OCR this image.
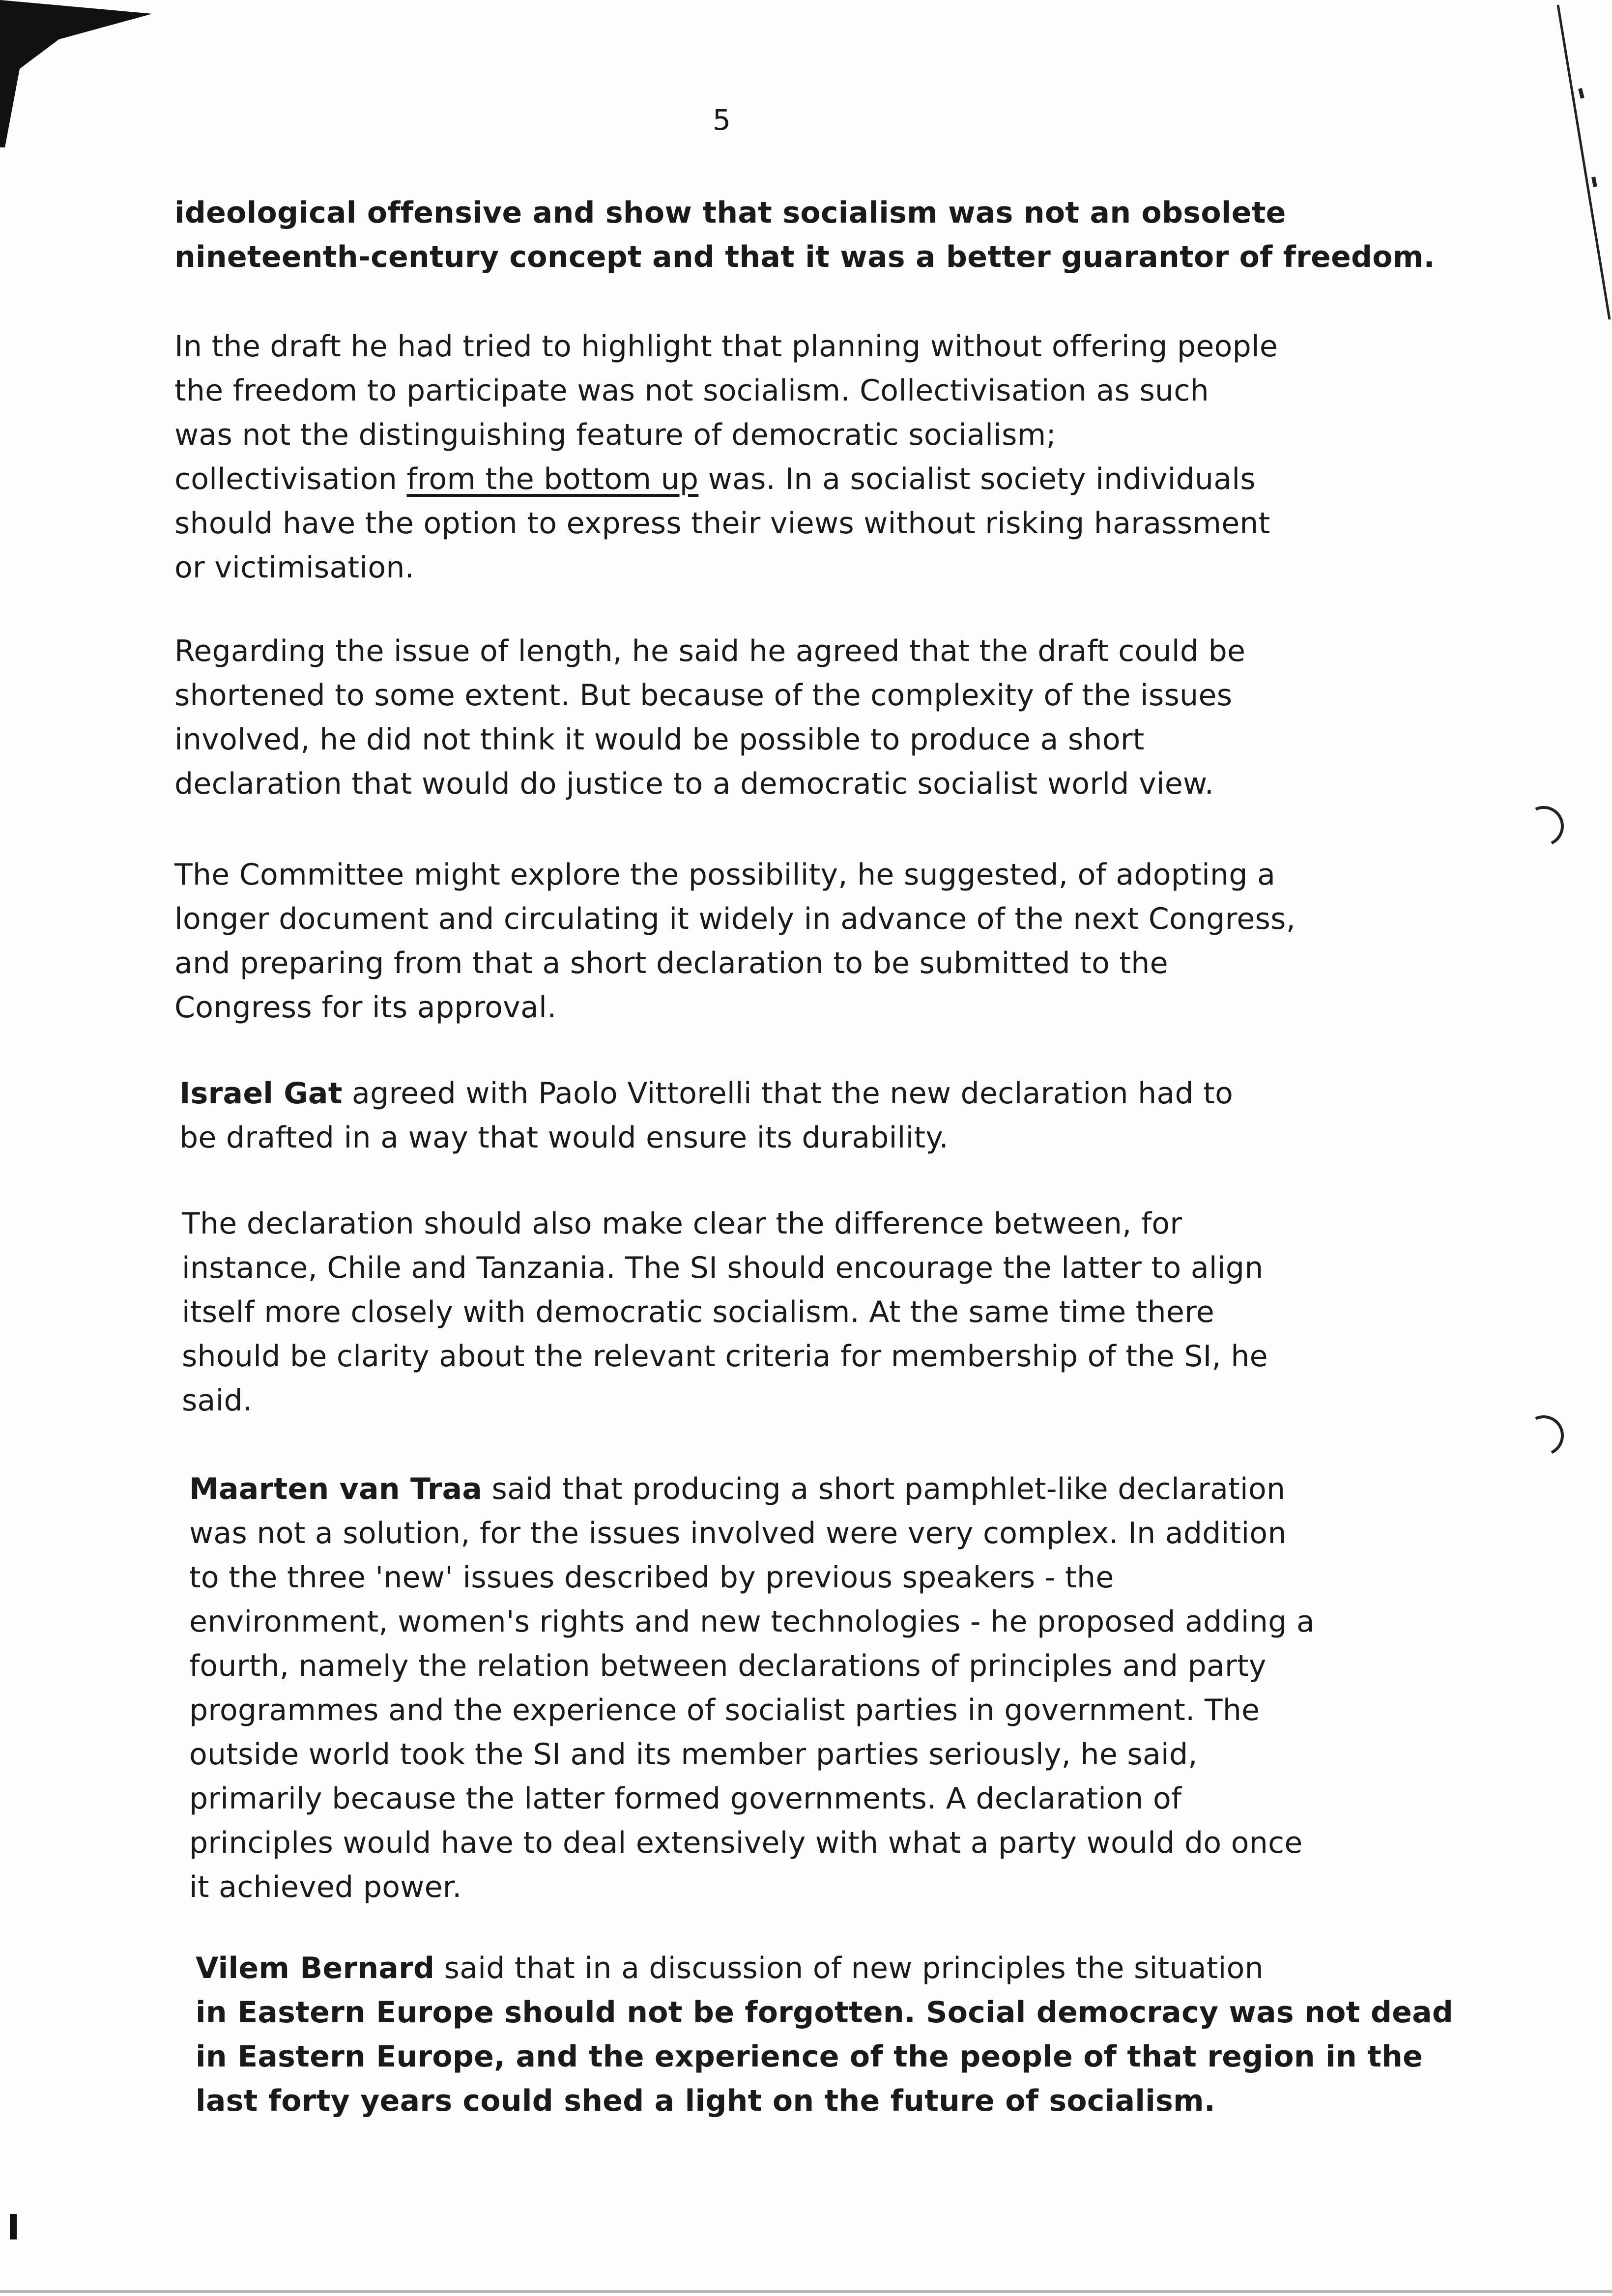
5
ideological offensive and show that socialism was not an obsolete
nineteenth-century concept and that it was a better guarantor of freedom.
In the draft he had tried to highlight that planning without offering people
the freedom to participate was not socialism. Collectivisation as such
was not the distinguishing feature of democratic socialism;
collectivisation from the bottom up was. In a socialist society individuals
should have the option to express their views without risking harassment
or victimisation.
Regarding the issue of length, he said he agreed that the draft could be
shortened to some extent. But because of the complexity of the issues
involved, he did not think it would be possible to produce a short
declaration that would do justice to a democratic socialist world view.
The Committee might explore the possibility, he suggested, of adopting a
longer document and circulating it widely in advance of the next Congress,
and preparing from that a short declaration to be submitted to the
Congress for its approval.
Israel Gat agreed with Paolo Vittorelli that the new declaration had to
be drafted in a way that would ensure its durability.
The declaration should also make clear the difference between, for
instance, Chile and Tanzania. The SI should encourage the latter to align
itself more closely with democratic socialism. At the same time there
should be clarity about the relevant criteria for membership of the SI, he
said.
Maarten van Traa said that producing a short pamphlet-like declaration
was not a solution, for the issues involved were very complex. In addition
to the three 'new' issues described by previous speakers - the
environment, women's rights and new technologies - he proposed adding a
fourth, namely the relation between declarations of principles and party
programmes and the experience of socialist parties in government. The
outside world took the SI and its member parties seriously, he said,
primarily because the latter formed governments. A declaration of
principles would have to deal extensively with what a party would do once
it achieved power.
Vilem Bernard said that in a discussion of new principles the situation
in Eastern Europe should not be forgotten. Social democracy was not dead
in Eastern Europe, and the experience of the people of that region in the
last forty years could shed a light on the future of socialism.
